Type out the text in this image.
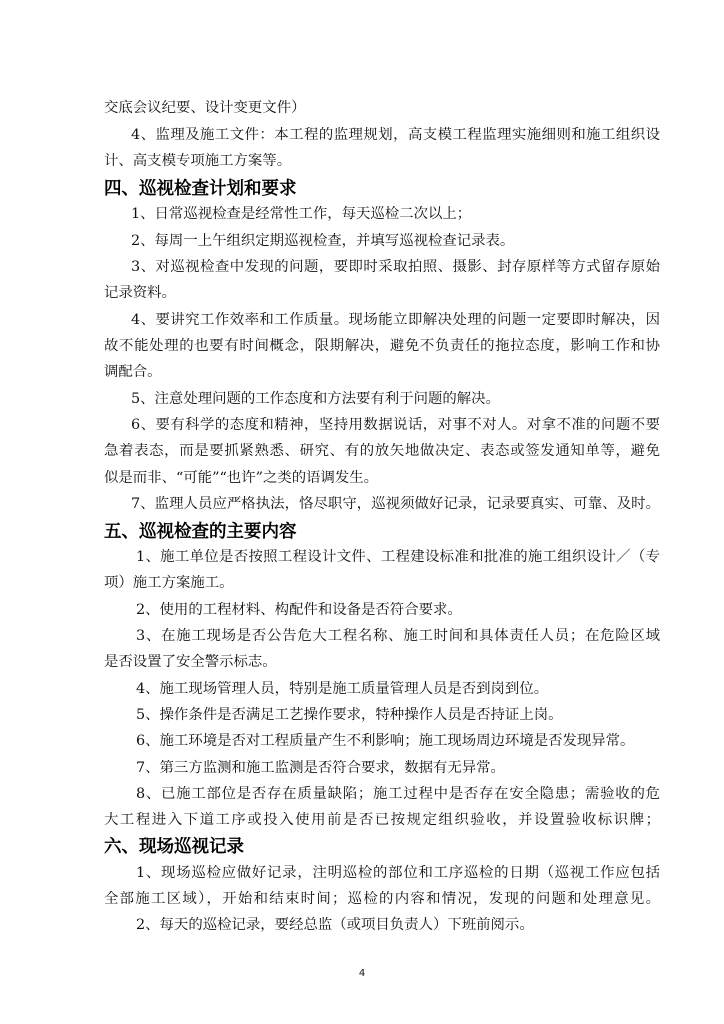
交底会议纪要、设计变更文件）
4、监理及施工文件：本工程的监理规划，高支模工程监理实施细则和施工组织设
计、高支模专项施工方案等。
四、巡视检查计划和要求
1、日常巡视检查是经常性工作，每天巡检二次以上；
2、每周一上午组织定期巡视检查，并填写巡视检查记录表。
3、对巡视检查中发现的问题，要即时采取拍照、摄影、封存原样等方式留存原始
记录资料。
4、要讲究工作效率和工作质量。现场能立即解决处理的问题一定要即时解决，因
故不能处理的也要有时间概念，限期解决，避免不负责任的拖拉态度，影响工作和协
调配合。
5、注意处理问题的工作态度和方法要有利于问题的解决。
6、要有科学的态度和精神，坚持用数据说话，对事不对人。对拿不准的问题不要
急着表态，而是要抓紧熟悉、研究、有的放矢地做决定、表态或签发通知单等，避免
似是而非、“可能”“也许”之类的语调发生。
7、监理人员应严格执法，恪尽职守，巡视须做好记录，记录要真实、可靠、及时。
五、巡视检查的主要内容
1、施工单位是否按照工程设计文件、工程建设标准和批准的施工组织设计／（专
项）施工方案施工。
2、使用的工程材料、构配件和设备是否符合要求。
3、在施工现场是否公告危大工程名称、施工时间和具体责任人员；在危险区域
是否设置了安全警示标志。
4、施工现场管理人员，特别是施工质量管理人员是否到岗到位。
5、操作条件是否满足工艺操作要求，特种操作人员是否持证上岗。
6、施工环境是否对工程质量产生不利影响；施工现场周边环境是否发现异常。
7、第三方监测和施工监测是否符合要求，数据有无异常。
8、已施工部位是否存在质量缺陷；施工过程中是否存在安全隐患；需验收的危
大工程进入下道工序或投入使用前是否已按规定组织验收，并设置验收标识牌；
六、现场巡视记录
1、现场巡检应做好记录，注明巡检的部位和工序巡检的日期（巡视工作应包括
全部施工区域），开始和结束时间；巡检的内容和情况，发现的问题和处理意见。
2、每天的巡检记录，要经总监（或项目负责人）下班前阅示。
4
